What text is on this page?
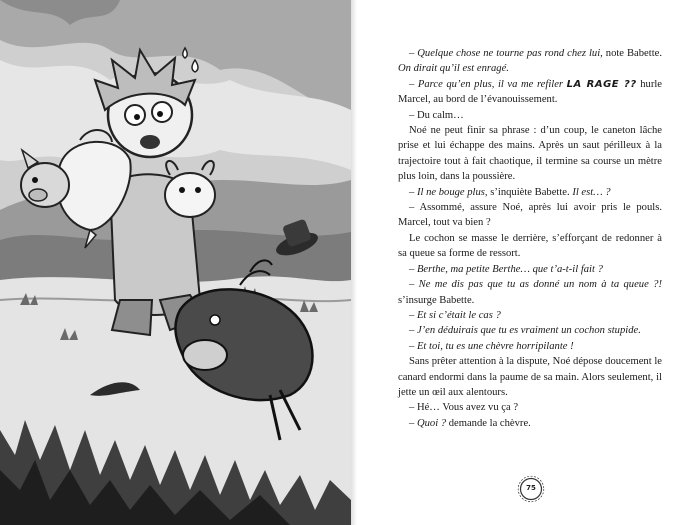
– Quelque chose ne tourne pas rond chez lui, note Babette. On dirait qu’il est enragé.

– Parce qu’en plus, il va me refiler LA RAGE ?? hurle Marcel, au bord de l’évanouissement.

– Du calm…

Noé ne peut finir sa phrase : d’un coup, le caneton lâche prise et lui échappe des mains. Après un saut périlleux à la trajectoire tout à fait chaotique, il termine sa course un mètre plus loin, dans la poussière.

– Il ne bouge plus, s’inquiète Babette. Il est… ?

– Assommé, assure Noé, après lui avoir pris le pouls. Marcel, tout va bien ?

Le cochon se masse le derrière, s’efforçant de redonner à sa queue sa forme de ressort.

– Berthe, ma petite Berthe… que t’a-t-il fait ?

– Ne me dis pas que tu as donné un nom à ta queue ?! s’insurge Babette.

– Et si c’était le cas ?

– J’en déduirais que tu es vraiment un cochon stupide.

– Et toi, tu es une chèvre horripilante !

Sans prêter attention à la dispute, Noé dépose doucement le canard endormi dans la paume de sa main. Alors seulement, il jette un œil aux alentours.

– Hé… Vous avez vu ça ?

– Quoi ? demande la chèvre.

75
